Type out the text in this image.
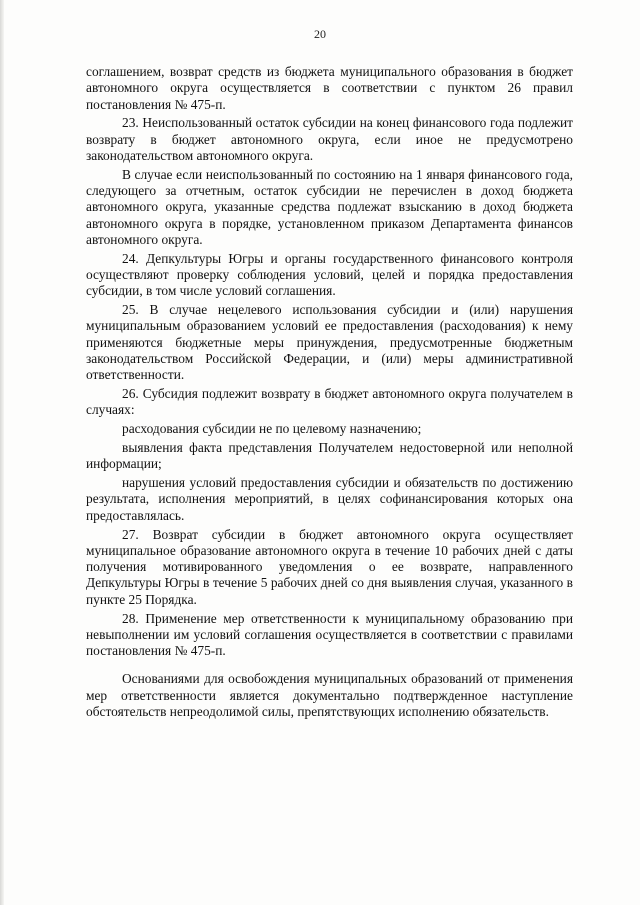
20

соглашением, возврат средств из бюджета муниципального образования в бюджет автономного округа осуществляется в соответствии с пунктом 26 правил постановления № 475-п.

23. Неиспользованный остаток субсидии на конец финансового года подлежит возврату в бюджет автономного округа, если иное не предусмотрено законодательством автономного округа.

В случае если неиспользованный по состоянию на 1 января финансового года, следующего за отчетным, остаток субсидии не перечислен в доход бюджета автономного округа, указанные средства подлежат взысканию в доход бюджета автономного округа в порядке, установленном приказом Департамента финансов автономного округа.

24. Депкультуры Югры и органы государственного финансового контроля осуществляют проверку соблюдения условий, целей и порядка предоставления субсидии, в том числе условий соглашения.

25. В случае нецелевого использования субсидии и (или) нарушения муниципальным образованием условий ее предоставления (расходования) к нему применяются бюджетные меры принуждения, предусмотренные бюджетным законодательством Российской Федерации, и (или) меры административной ответственности.

26. Субсидия подлежит возврату в бюджет автономного округа получателем в случаях:

расходования субсидии не по целевому назначению;

выявления факта представления Получателем недостоверной или неполной информации;

нарушения условий предоставления субсидии и обязательств по достижению результата, исполнения мероприятий, в целях софинансирования которых она предоставлялась.

27. Возврат субсидии в бюджет автономного округа осуществляет муниципальное образование автономного округа в течение 10 рабочих дней с даты получения мотивированного уведомления о ее возврате, направленного Депкультуры Югры в течение 5 рабочих дней со дня выявления случая, указанного в пункте 25 Порядка.

28. Применение мер ответственности к муниципальному образованию при невыполнении им условий соглашения осуществляется в соответствии с правилами постановления № 475-п.

Основаниями для освобождения муниципальных образований от применения мер ответственности является документально подтвержденное наступление обстоятельств непреодолимой силы, препятствующих исполнению обязательств.
